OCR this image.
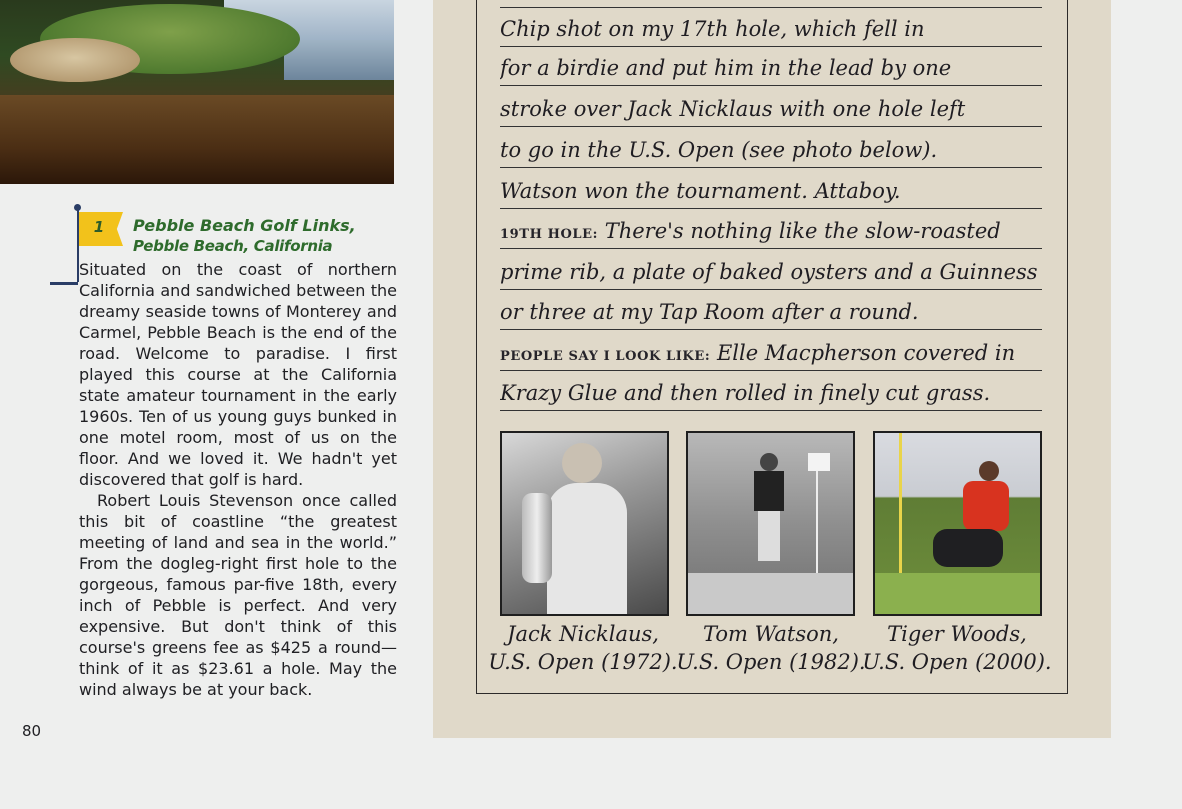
1	Pebble Beach Golf Links,
Pebble Beach, California

Situated on the coast of northern California and sandwiched between the dreamy seaside towns of Monterey and Carmel, Pebble Beach is the end of the road. Welcome to paradise. I first played this course at the California state amateur tournament in the early 1960s. Ten of us young guys bunked in one motel room, most of us on the floor. And we loved it. We hadn't yet discovered that golf is hard.

Robert Louis Stevenson once called this bit of coastline “the greatest meeting of land and sea in the world.” From the dogleg-right first hole to the gorgeous, famous par-five 18th, every inch of Pebble is perfect. And very expensive. But don't think of this course's greens fee as $425 a round—think of it as $23.61 a hole. May the wind always be at your back.

80
Chip shot on my 17th hole, which fell in
for a birdie and put him in the lead by one
stroke over Jack Nicklaus with one hole left
to go in the U.S. Open (see photo below).
Watson won the tournament. Attaboy.
19TH HOLE: There's nothing like the slow-roasted
prime rib, a plate of baked oysters and a Guinness
or three at my Tap Room after a round.
PEOPLE SAY I LOOK LIKE: Elle Macpherson covered in
Krazy Glue and then rolled in finely cut grass.
Jack Nicklaus,
U.S. Open (1972).
Tom Watson,
U.S. Open (1982).
Tiger Woods,
U.S. Open (2000).
